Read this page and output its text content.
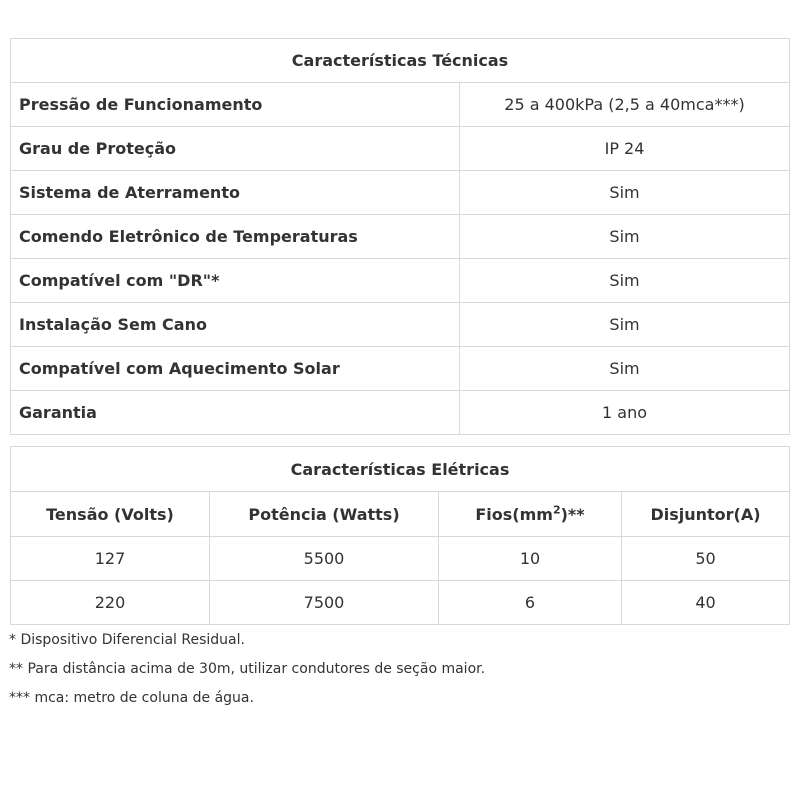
Características Técnicas	
Pressão de Funcionamento	25 a 400kPa (2,5 a 40mca***)
Grau de Proteção	IP 24
Sistema de Aterramento	Sim
Comendo Eletrônico de Temperaturas	Sim
Compatível com "DR"*	Sim
Instalação Sem Cano	Sim
Compatível com Aquecimento Solar	Sim
Garantia	1 ano
Características Elétricas			
Tensão (Volts)	Potência (Watts)	$Fios(mm^2)**$	Disjuntor(A)
127	5500	10	50
220	7500	6	40
* Dispositivo Diferencial Residual.
** Para distância acima de 30m, utilizar condutores de seção maior.
*** mca: metro de coluna de água.
